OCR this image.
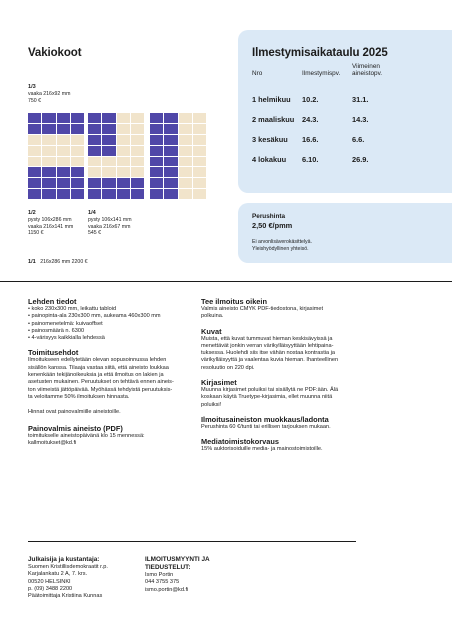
Vakiokoot
1/3
vaaka 216x92 mm
750 €
1/2
pysty 106x286 mm
vaaka 216x141 mm
1150 €
1/4
pysty 106x141 mm
vaaka 216x67 mm
545 €
1/1 216x286 mm 2200 €
Ilmestymisaikataulu 2025
Nro	Ilmestymispv.	Viimeinen aineistopv.
1 helmikuu	10.2.	31.1.
2 maaliskuu	24.3.	14.3.
3 kesäkuu	16.6.	6.6.
4 lokakuu	6.10.	26.9.
Perushinta
2,50 €/pmm
Ei arvonlisäverokäsittelyä.
Yleishyödyllinen yhteisö.
Lehden tiedot
• koko 230x300 mm, leikattu tabloid
• painopinta-ala 230x300 mm, aukeama 460x300 mm
• painomenetelmä: kuivaoffset
• painosmäärä n. 6300
• 4-värisyys kaikkialla lehdessä
Toimitusehdot
Ilmoitukseen edellytetään olevan sopusoinnussa lehden
sisällön kanssa. Tilaaja vastaa siitä, että aineisto loukkaa
kenenkään tekijänoikeuksia ja että ilmoitus on lakien ja
asetusten mukainen. Peruutukset on tehtävä ennen aineis-
ton viimeistä jättöpäivää. Myöhässä tehdyistä peruutuksis-
ta veloitamme 50% ilmoituksen hinnasta.
Hinnat ovat painovalmiille aineistoille.
Painovalmis aineisto (PDF)
toimitukselle aineistopäivänä klo 15 mennessä:
kallmoitukset@kd.fi
Tee ilmoitus oikein
Valmis aineisto CMYK PDF-tiedostona, kirjasimet
polkuina.
Kuvat
Muista, että kuvat tummuvat hieman keskisävyissä ja
menettävät jonkin verran värikylläisyyttään lehtipaina-
tuksessa. Huolehdi siis itse vähän nostaa kontrastia ja
värikylläisyyttä ja vaalentaa kuvia hieman. Ihanteellinen
resoluutio on 220 dpi.
Kirjasimet
Muunna kirjasimet poluiksi tai sisällytä ne PDF:ään. Älä
koskaan käytä Truetype-kirjasimia, ellet muunna niitä
poluiksi!
Ilmoitusaineiston muokkaus/ladonta
Perushinta 60 €/tunti tai erillisen tarjouksen mukaan.
Mediatoimistokorvaus
15% auktorisoiduille media- ja mainostoimistoille.
Julkaisija ja kustantaja:
Suomen Kristillisdemokraatit r.p.
Karjalankatu 2 A, 7. krs.
00520 HELSINKI
p. (09) 3488 2200
Päätoimittaja Kristiina Kunnas
ILMOITUSMYYNTI JA
TIEDUSTELUT:
Ismo Portin
044 3755 375
ismo.portin@kd.fi
